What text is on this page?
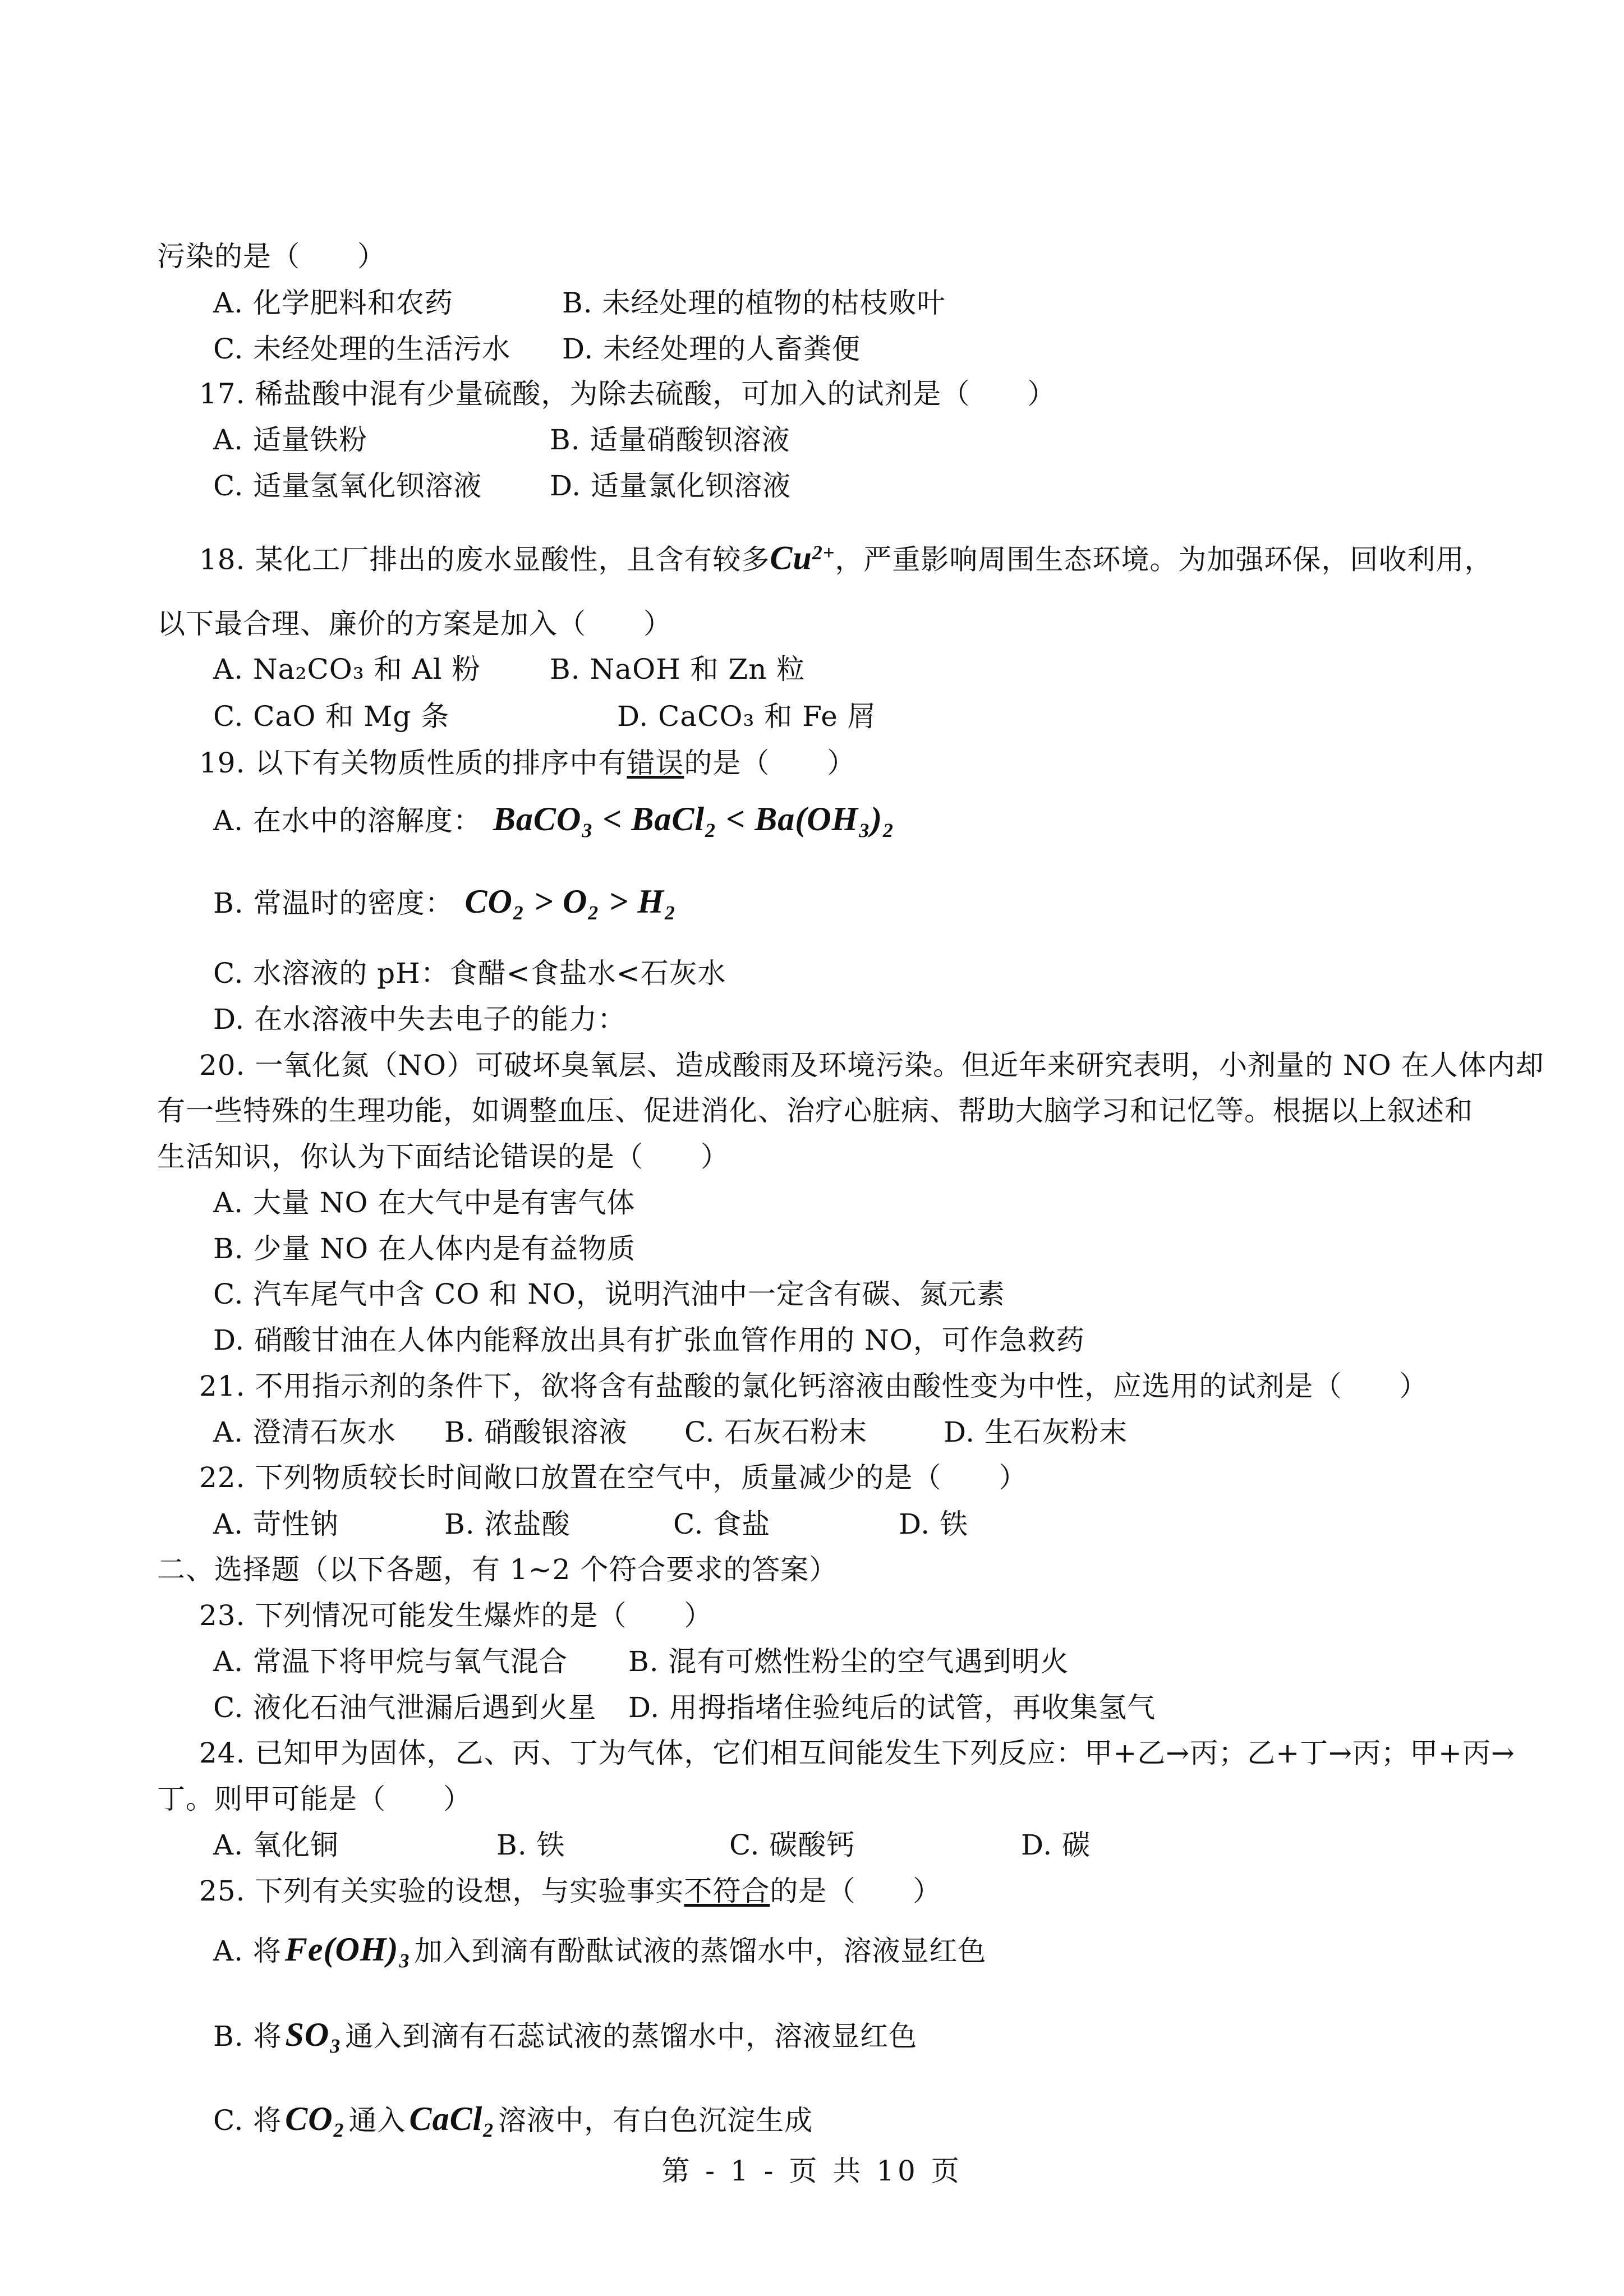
污染的是（　　）
A. 化学肥料和农药	B. 未经处理的植物的枯枝败叶
C. 未经处理的生活污水 D. 未经处理的人畜粪便
17. 稀盐酸中混有少量硫酸，为除去硫酸，可加入的试剂是（　　）
A. 适量铁粉	B. 适量硝酸钡溶液
C. 适量氢氧化钡溶液 D. 适量氯化钡溶液
18. 某化工厂排出的废水显酸性，且含有较多$Cu^{2+}$，严重影响周围生态环境。为加强环保，回收利用，
以下最合理、廉价的方案是加入（　　）
A. Na₂CO₃ 和 Al 粉 B. NaOH 和 Zn 粒
C. CaO 和 Mg 条	D. CaCO₃ 和 Fe 屑
19. 以下有关物质性质的排序中有错误的是（　　）
A. 在水中的溶解度： BaCO₃ < BaCl₂ < Ba(OH₃)₂
B. 常温时的密度： CO₂ > O₂ > H₂
C. 水溶液的 pH：食醋<食盐水<石灰水
D. 在水溶液中失去电子的能力：
20. 一氧化氮（NO）可破坏臭氧层、造成酸雨及环境污染。但近年来研究表明，小剂量的 NO 在人体内却
有一些特殊的生理功能，如调整血压、促进消化、治疗心脏病、帮助大脑学习和记忆等。根据以上叙述和
生活知识，你认为下面结论错误的是（　　）
A. 大量 NO 在大气中是有害气体
B. 少量 NO 在人体内是有益物质
C. 汽车尾气中含 CO 和 NO，说明汽油中一定含有碳、氮元素
D. 硝酸甘油在人体内能释放出具有扩张血管作用的 NO，可作急救药
21. 不用指示剂的条件下，欲将含有盐酸的氯化钙溶液由酸性变为中性，应选用的试剂是（　　）
A. 澄清石灰水 B. 硝酸银溶液 C. 石灰石粉末	D. 生石灰粉末
22. 下列物质较长时间敞口放置在空气中，质量减少的是（　　）
A. 苛性钠	B. 浓盐酸	C. 食盐	D. 铁
二、选择题（以下各题，有 1~2 个符合要求的答案）
23. 下列情况可能发生爆炸的是（　　）
A. 常温下将甲烷与氧气混合 B. 混有可燃性粉尘的空气遇到明火
C. 液化石油气泄漏后遇到火星 D. 用拇指堵住验纯后的试管，再收集氢气
24. 已知甲为固体，乙、丙、丁为气体，它们相互间能发生下列反应：甲+乙→丙；乙+丁→丙；甲+丙→
丁。则甲可能是（　　）
A. 氧化铜	B. 铁	C. 碳酸钙	D. 碳
25. 下列有关实验的设想，与实验事实不符合的是（　　）
A. 将 Fe(OH)₃ 加入到滴有酚酞试液的蒸馏水中，溶液显红色
B. 将 SO₃ 通入到滴有石蕊试液的蒸馏水中，溶液显红色
C. 将 CO₂ 通入 CaCl₂ 溶液中，有白色沉淀生成
第 - 1 - 页 共 10 页
